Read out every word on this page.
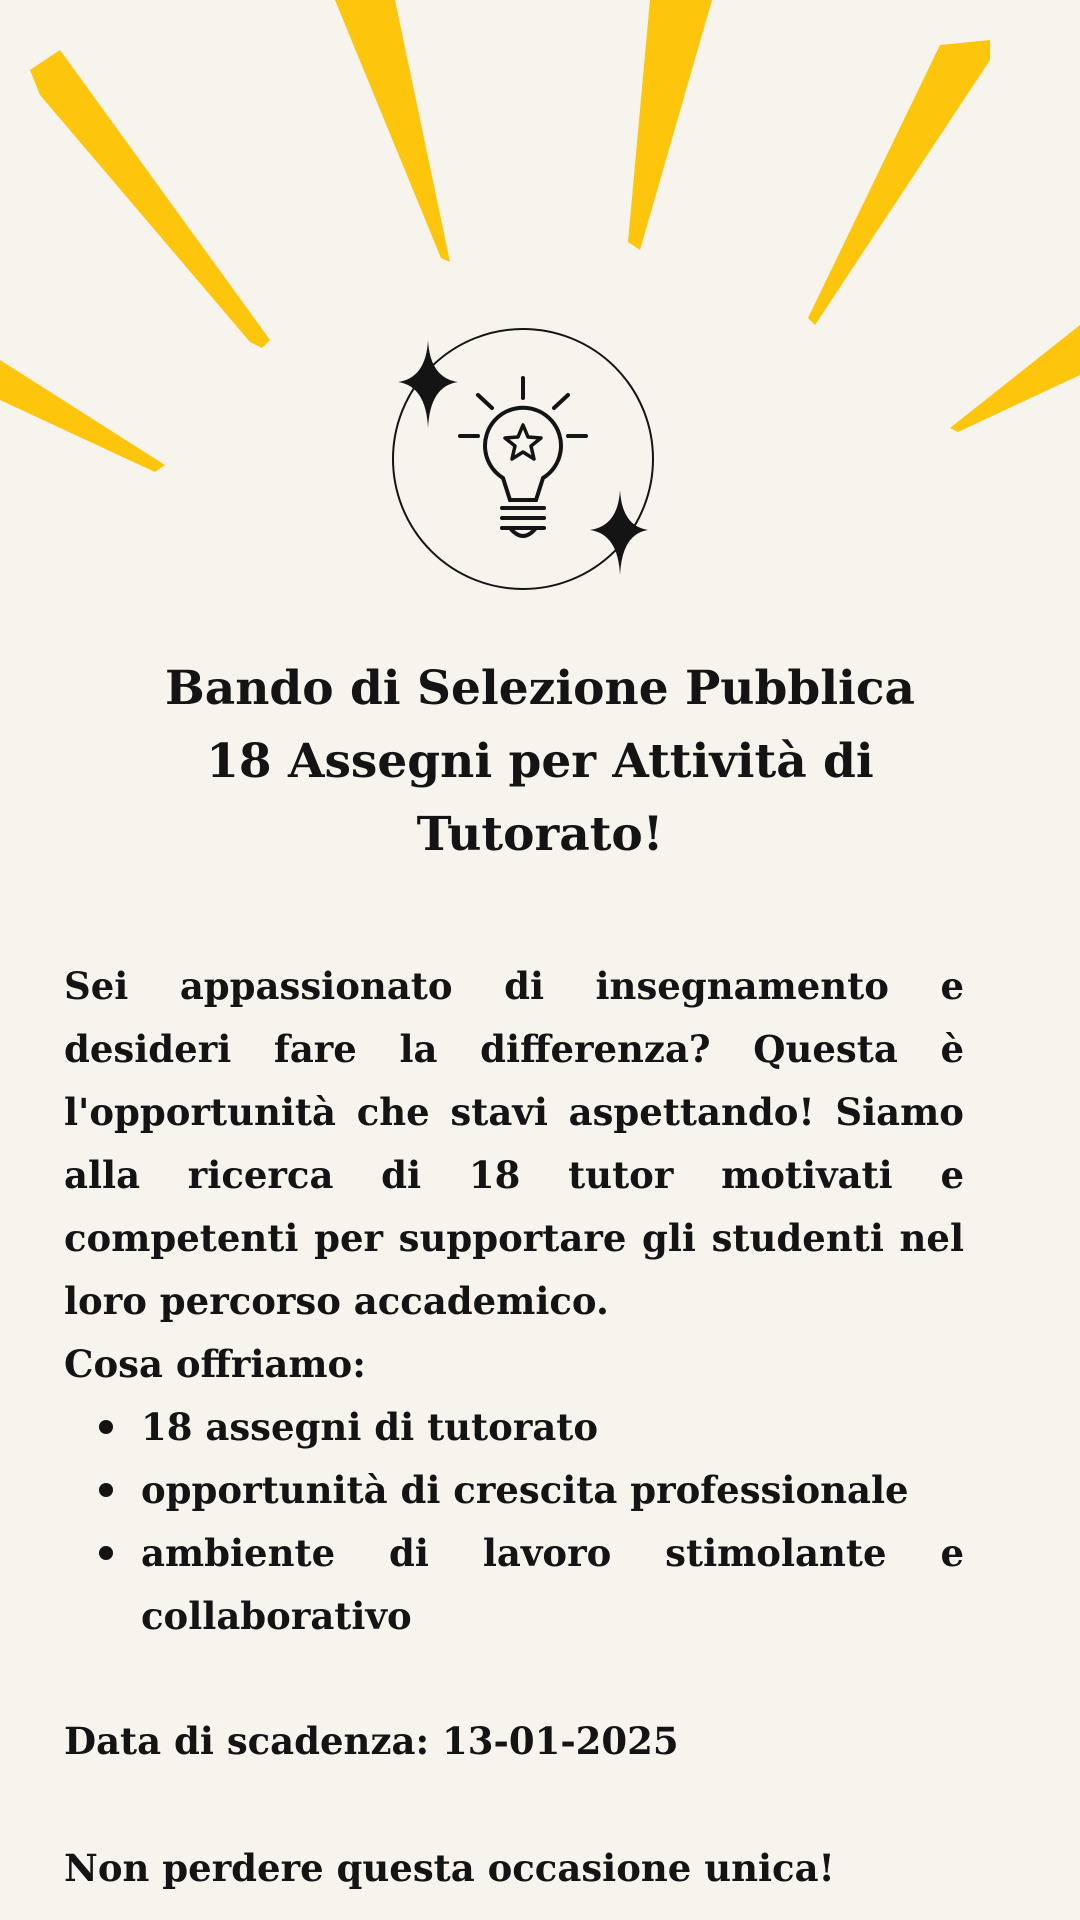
Bando di Selezione Pubblica
18 Assegni per Attività di
Tutorato!

Sei appassionato di insegnamento e desideri fare la differenza? Questa è l'opportunità che stavi aspettando! Siamo alla ricerca di 18 tutor motivati e competenti per supportare gli studenti nel loro percorso accademico.

Cosa offriamo:

18 assegni di tutorato
opportunità di crescita professionale
ambiente di lavoro stimolante e collaborativo

Data di scadenza: 13-01-2025

Non perdere questa occasione unica!
